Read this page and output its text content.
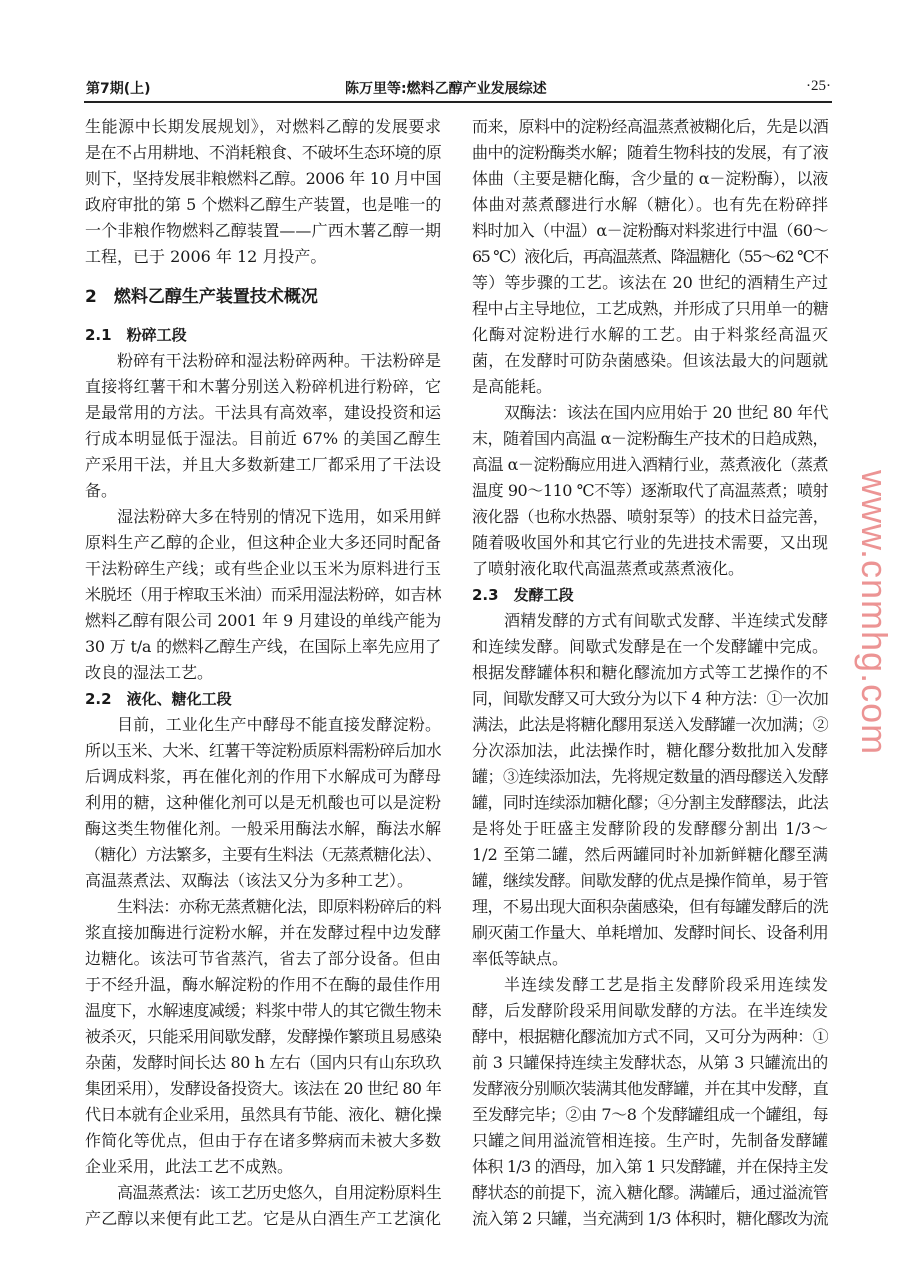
第7期(上)	陈万里等:燃料乙醇产业发展综述	·25·
生能源中长期发展规划》，对燃料乙醇的发展要求
是在不占用耕地、不消耗粮食、不破坏生态环境的原
则下，坚持发展非粮燃料乙醇。2006 年 10 月中国
政府审批的第 5 个燃料乙醇生产装置，也是唯一的
一个非粮作物燃料乙醇装置——广西木薯乙醇一期
工程，已于 2006 年 12 月投产。
2　燃料乙醇生产装置技术概况
2.1　粉碎工段
粉碎有干法粉碎和湿法粉碎两种。干法粉碎是
直接将红薯干和木薯分别送入粉碎机进行粉碎，它
是最常用的方法。干法具有高效率，建设投资和运
行成本明显低于湿法。目前近 67% 的美国乙醇生
产采用干法，并且大多数新建工厂都采用了干法设
备。
湿法粉碎大多在特别的情况下选用，如采用鲜
原料生产乙醇的企业，但这种企业大多还同时配备
干法粉碎生产线；或有些企业以玉米为原料进行玉
米脱坯（用于榨取玉米油）而采用湿法粉碎，如吉林
燃料乙醇有限公司 2001 年 9 月建设的单线产能为
30 万 t/a 的燃料乙醇生产线，在国际上率先应用了
改良的湿法工艺。
2.2　液化、糖化工段
目前，工业化生产中酵母不能直接发酵淀粉。
所以玉米、大米、红薯干等淀粉质原料需粉碎后加水
后调成料浆，再在催化剂的作用下水解成可为酵母
利用的糖，这种催化剂可以是无机酸也可以是淀粉
酶这类生物催化剂。一般采用酶法水解，酶法水解
（糖化）方法繁多，主要有生料法（无蒸煮糖化法）、
高温蒸煮法、双酶法（该法又分为多种工艺）。
生料法：亦称无蒸煮糖化法，即原料粉碎后的料
浆直接加酶进行淀粉水解，并在发酵过程中边发酵
边糖化。该法可节省蒸汽，省去了部分设备。但由
于不经升温，酶水解淀粉的作用不在酶的最佳作用
温度下，水解速度减缓；料浆中带人的其它微生物未
被杀灭，只能采用间歇发酵，发酵操作繁琐且易感染
杂菌，发酵时间长达 80 h 左右（国内只有山东玖玖
集团采用），发酵设备投资大。该法在 20 世纪 80 年
代日本就有企业采用，虽然具有节能、液化、糖化操
作简化等优点，但由于存在诸多弊病而未被大多数
企业采用，此法工艺不成熟。
高温蒸煮法：该工艺历史悠久，自用淀粉原料生
产乙醇以来便有此工艺。它是从白酒生产工艺演化
而来，原料中的淀粉经高温蒸煮被糊化后，先是以酒
曲中的淀粉酶类水解；随着生物科技的发展，有了液
体曲（主要是糖化酶，含少量的 α－淀粉酶），以液
体曲对蒸煮醪进行水解（糖化）。也有先在粉碎拌
料时加入（中温）α－淀粉酶对料浆进行中温（60～
65 ℃）液化后，再高温蒸煮、降温糖化（55～62 ℃不
等）等步骤的工艺。该法在 20 世纪的酒精生产过
程中占主导地位，工艺成熟，并形成了只用单一的糖
化酶对淀粉进行水解的工艺。由于料浆经高温灭
菌，在发酵时可防杂菌感染。但该法最大的问题就
是高能耗。
双酶法：该法在国内应用始于 20 世纪 80 年代
末，随着国内高温 α－淀粉酶生产技术的日趋成熟，
高温 α－淀粉酶应用进入酒精行业，蒸煮液化（蒸煮
温度 90～110 ℃不等）逐渐取代了高温蒸煮；喷射
液化器（也称水热器、喷射泵等）的技术日益完善，
随着吸收国外和其它行业的先进技术需要，又出现
了喷射液化取代高温蒸煮或蒸煮液化。
2.3　发酵工段
酒精发酵的方式有间歇式发酵、半连续式发酵
和连续发酵。间歇式发酵是在一个发酵罐中完成。
根据发酵罐体积和糖化醪流加方式等工艺操作的不
同，间歇发酵又可大致分为以下 4 种方法：①一次加
满法，此法是将糖化醪用泵送入发酵罐一次加满；②
分次添加法，此法操作时，糖化醪分数批加入发酵
罐；③连续添加法，先将规定数量的酒母醪送入发酵
罐，同时连续添加糖化醪；④分割主发酵醪法，此法
是将处于旺盛主发酵阶段的发酵醪分割出 1/3～
1/2 至第二罐，然后两罐同时补加新鲜糖化醪至满
罐，继续发酵。间歇发酵的优点是操作简单，易于管
理，不易出现大面积杂菌感染，但有每罐发酵后的洗
刷灭菌工作量大、单耗增加、发酵时间长、设备利用
率低等缺点。
半连续发酵工艺是指主发酵阶段采用连续发
酵，后发酵阶段采用间歇发酵的方法。在半连续发
酵中，根据糖化醪流加方式不同，又可分为两种：①
前 3 只罐保持连续主发酵状态，从第 3 只罐流出的
发酵液分别顺次装满其他发酵罐，并在其中发酵，直
至发酵完毕；②由 7～8 个发酵罐组成一个罐组，每
只罐之间用溢流管相连接。生产时，先制备发酵罐
体积 1/3 的酒母，加入第 1 只发酵罐，并在保持主发
酵状态的前提下，流入糖化醪。满罐后，通过溢流管
流入第 2 只罐，当充满到 1/3 体积时，糖化醪改为流
www.cnmhg.com
